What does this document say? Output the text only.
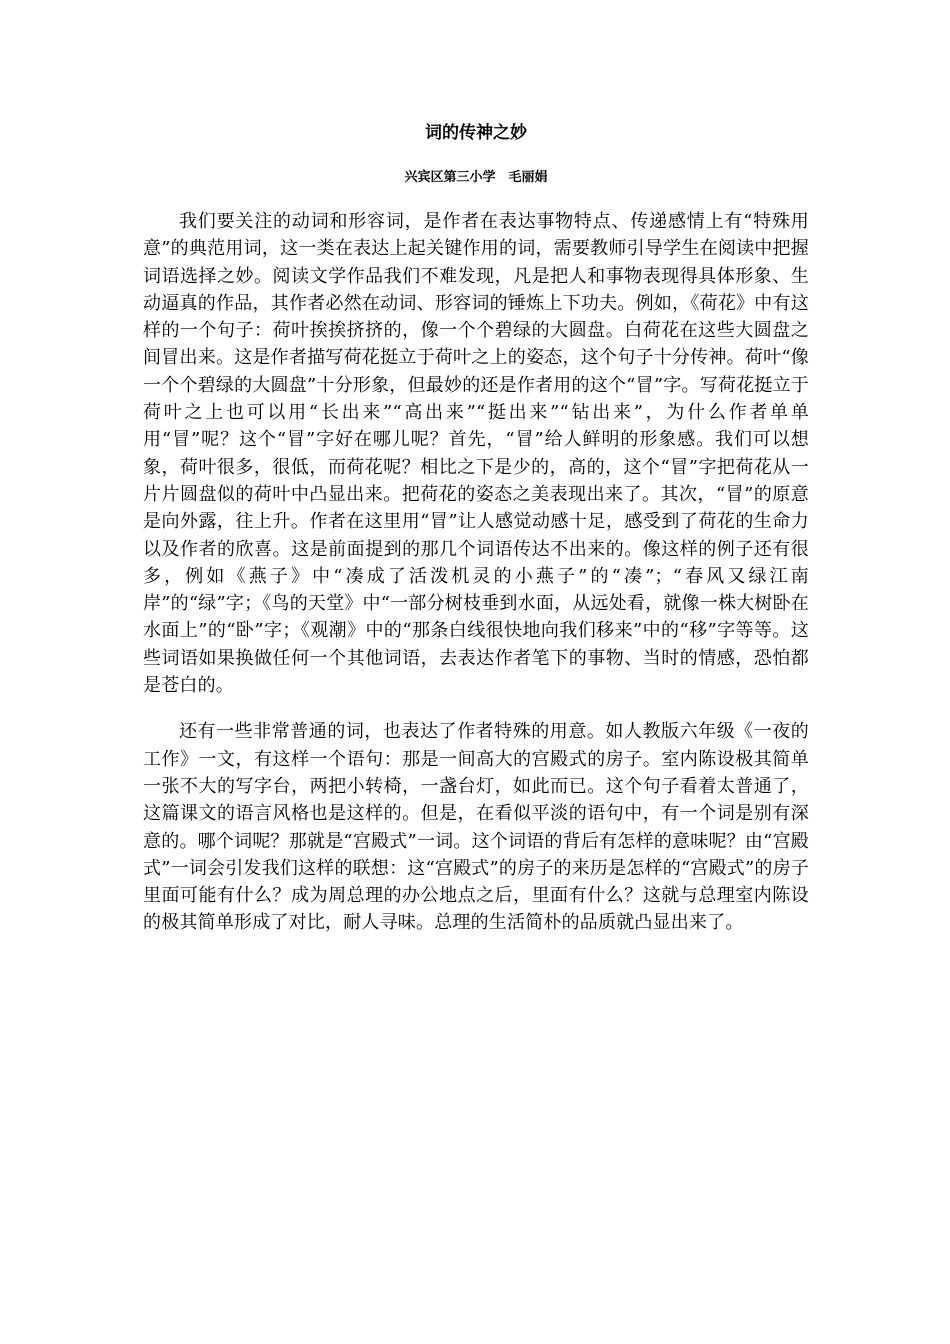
词的传神之妙
兴宾区第三小学　毛丽娟

我们要关注的动词和形容词，是作者在表达事物特点、传递感情上有“特殊用意”的典范用词，这一类在表达上起关键作用的词，需要教师引导学生在阅读中把握词语选择之妙。阅读文学作品我们不难发现，凡是把人和事物表现得具体形象、生动逼真的作品，其作者必然在动词、形容词的锤炼上下功夫。例如，《荷花》中有这样的一个句子：荷叶挨挨挤挤的，像一个个碧绿的大圆盘。白荷花在这些大圆盘之间冒出来。这是作者描写荷花挺立于荷叶之上的姿态，这个句子十分传神。荷叶“像一个个碧绿的大圆盘”十分形象，但最妙的还是作者用的这个“冒”字。写荷花挺立于荷叶之上也可以用“长出来”“高出来”“挺出来”“钻出来”，为什么作者单单用“冒”呢？这个“冒”字好在哪儿呢？首先，“冒”给人鲜明的形象感。我们可以想象，荷叶很多，很低，而荷花呢？相比之下是少的，高的，这个“冒”字把荷花从一片片圆盘似的荷叶中凸显出来。把荷花的姿态之美表现出来了。其次，“冒”的原意是向外露，往上升。作者在这里用“冒”让人感觉动感十足，感受到了荷花的生命力以及作者的欣喜。这是前面提到的那几个词语传达不出来的。像这样的例子还有很多，例如《燕子》中“凑成了活泼机灵的小燕子”的“凑”；“春风又绿江南岸”的“绿”字；《鸟的天堂》中“一部分树枝垂到水面，从远处看，就像一株大树卧在水面上”的“卧”字；《观潮》中的“那条白线很快地向我们移来”中的“移”字等等。这些词语如果换做任何一个其他词语，去表达作者笔下的事物、当时的情感，恐怕都是苍白的。

还有一些非常普通的词，也表达了作者特殊的用意。如人教版六年级《一夜的工作》一文，有这样一个语句：那是一间高大的宫殿式的房子。室内陈设极其简单一张不大的写字台，两把小转椅，一盏台灯，如此而已。这个句子看着太普通了，这篇课文的语言风格也是这样的。但是，在看似平淡的语句中，有一个词是别有深意的。哪个词呢？那就是“宫殿式”一词。这个词语的背后有怎样的意味呢？由“宫殿式”一词会引发我们这样的联想：这“宫殿式”的房子的来历是怎样的“宫殿式”的房子里面可能有什么？成为周总理的办公地点之后，里面有什么？这就与总理室内陈设的极其简单形成了对比，耐人寻味。总理的生活简朴的品质就凸显出来了。
